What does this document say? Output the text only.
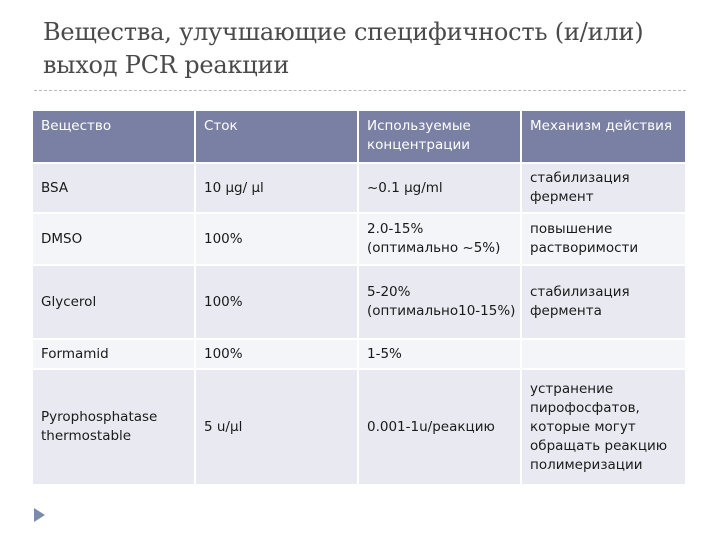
Вещества, улучшающие специфичность (и/или)
выход PCR реакции
Вещество	Сток	Используемые концентрации	Механизм действия
BSA	10 µg/ µl	~0.1 µg/ml	стабилизация фермент
DMSO	100%	2.0-15% (оптимально ~5%)	повышение растворимости
Glycerol	100%	5-20% (оптимально10-15%)	стабилизация фермента
Formamid	100%	1-5%	
Pyrophosphatase thermostable	5 u/µl	0.001-1u/реакцию	устранение пирофосфатов, которые могут обращать реакцию полимеризации
